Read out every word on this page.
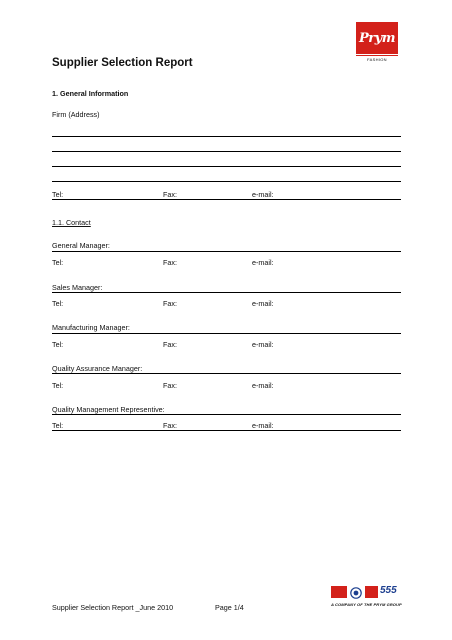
Prym
FASHION
Supplier Selection Report
1. General Information
Firm (Address)
Tel:	Fax:	e-mail:
1.1. Contact
General Manager:
Tel:	Fax:	e-mail:
Sales Manager:
Tel:	Fax:	e-mail:
Manufacturing Manager:
Tel:	Fax:	e-mail:
Quality Assurance Manager:
Tel:	Fax:	e-mail:
Quality Management Representive:
Tel:	Fax:	e-mail:
Supplier Selection Report _June 2010	Page 1/4
555
A COMPANY OF THE PRYM GROUP
